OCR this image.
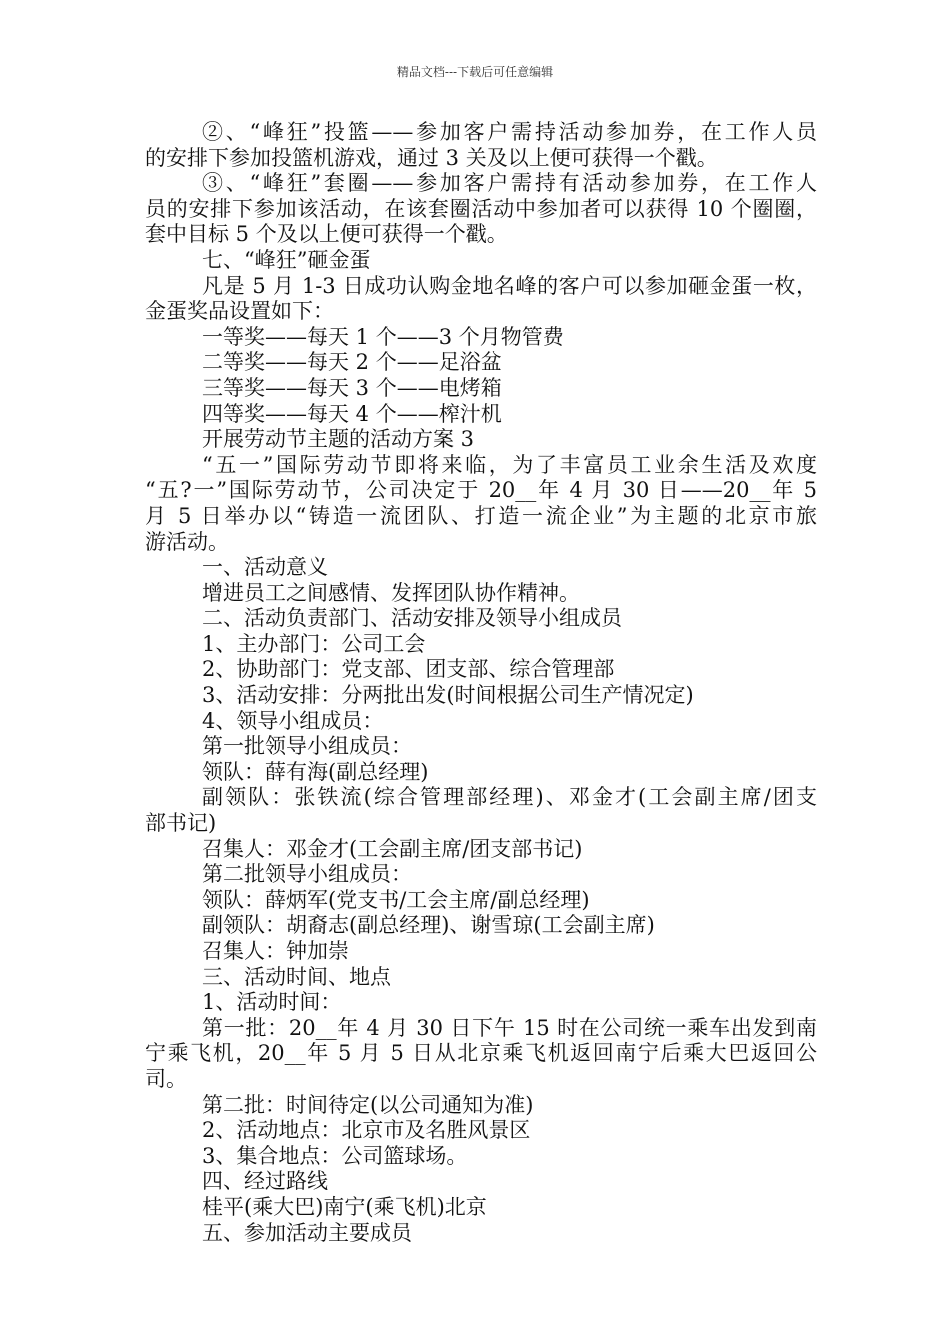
精品文档---下载后可任意编辑
②、“峰狂”投篮——参加客户需持活动参加券，在工作人员
的安排下参加投篮机游戏，通过 3 关及以上便可获得一个戳。
③、“峰狂”套圈——参加客户需持有活动参加券，在工作人
员的安排下参加该活动，在该套圈活动中参加者可以获得 10 个圈圈，
套中目标 5 个及以上便可获得一个戳。
七、“峰狂”砸金蛋
凡是 5 月 1-3 日成功认购金地名峰的客户可以参加砸金蛋一枚，
金蛋奖品设置如下：
一等奖——每天 1 个——3 个月物管费
二等奖——每天 2 个——足浴盆
三等奖——每天 3 个——电烤箱
四等奖——每天 4 个——榨汁机
开展劳动节主题的活动方案 3
“五一”国际劳动节即将来临，为了丰富员工业余生活及欢度
“五?一”国际劳动节，公司决定于 20__年 4 月 30 日——20__年 5
月 5 日举办以“铸造一流团队、打造一流企业”为主题的北京市旅
游活动。
一、活动意义
增进员工之间感情、发挥团队协作精神。
二、活动负责部门、活动安排及领导小组成员
1、主办部门：公司工会
2、协助部门：党支部、团支部、综合管理部
3、活动安排：分两批出发(时间根据公司生产情况定)
4、领导小组成员：
第一批领导小组成员：
领队：薛有海(副总经理)
副领队：张铁流(综合管理部经理)、邓金才(工会副主席/团支
部书记)
召集人：邓金才(工会副主席/团支部书记)
第二批领导小组成员：
领队：薛炳军(党支书/工会主席/副总经理)
副领队：胡裔志(副总经理)、谢雪琼(工会副主席)
召集人：钟加崇
三、活动时间、地点
1、活动时间：
第一批：20__年 4 月 30 日下午 15 时在公司统一乘车出发到南
宁乘飞机，20__年 5 月 5 日从北京乘飞机返回南宁后乘大巴返回公
司。
第二批：时间待定(以公司通知为准)
2、活动地点：北京市及名胜风景区
3、集合地点：公司篮球场。
四、经过路线
桂平(乘大巴)南宁(乘飞机)北京
五、参加活动主要成员
